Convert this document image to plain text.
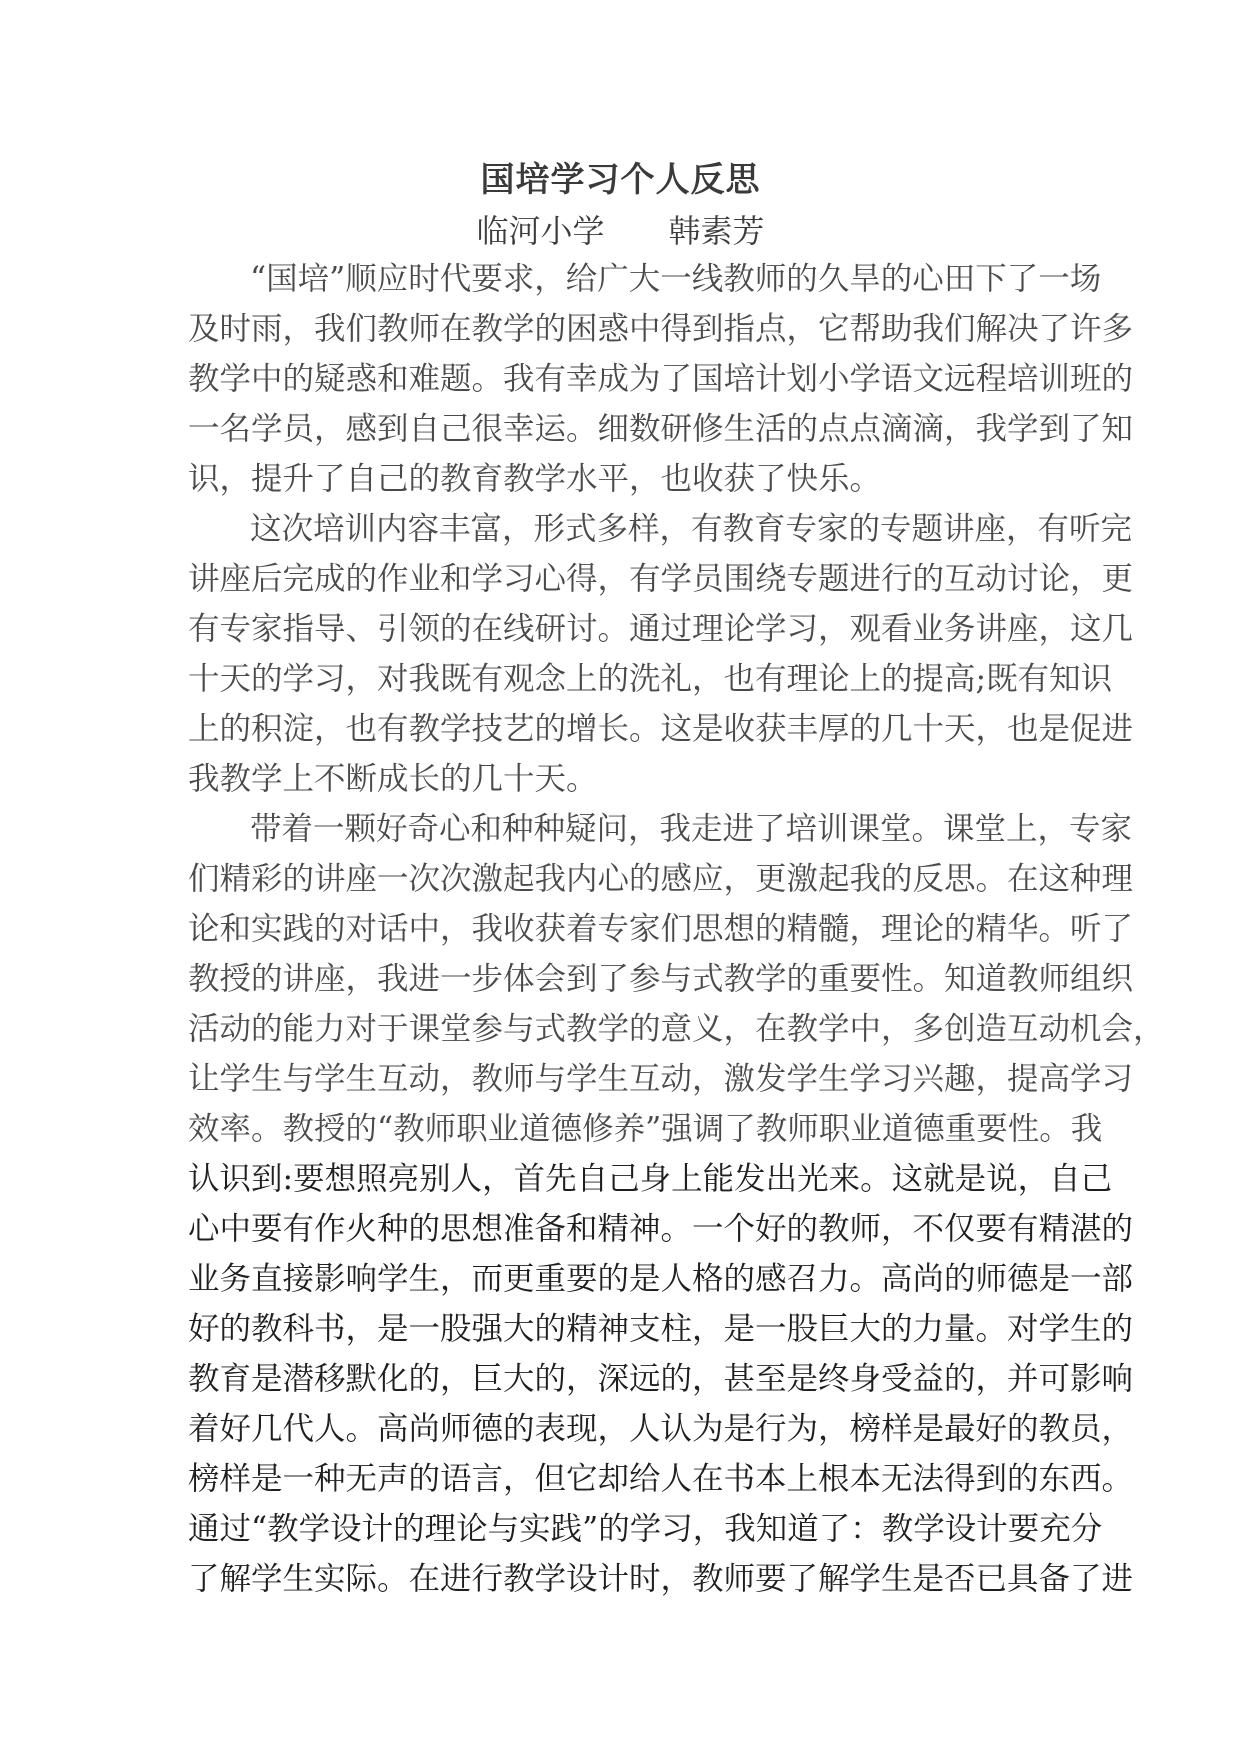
国培学习个人反思
临河小学　　韩素芳
“国培”顺应时代要求，给广大一线教师的久旱的心田下了一场
及时雨，我们教师在教学的困惑中得到指点，它帮助我们解决了许多
教学中的疑惑和难题。我有幸成为了国培计划小学语文远程培训班的
一名学员，感到自己很幸运。细数研修生活的点点滴滴，我学到了知
识，提升了自己的教育教学水平，也收获了快乐。
这次培训内容丰富，形式多样，有教育专家的专题讲座，有听完
讲座后完成的作业和学习心得，有学员围绕专题进行的互动讨论，更
有专家指导、引领的在线研讨。通过理论学习，观看业务讲座，这几
十天的学习，对我既有观念上的洗礼，也有理论上的提高;既有知识
上的积淀，也有教学技艺的增长。这是收获丰厚的几十天，也是促进
我教学上不断成长的几十天。
带着一颗好奇心和种种疑问，我走进了培训课堂。课堂上，专家
们精彩的讲座一次次激起我内心的感应，更激起我的反思。在这种理
论和实践的对话中，我收获着专家们思想的精髓，理论的精华。听了
教授的讲座，我进一步体会到了参与式教学的重要性。知道教师组织
活动的能力对于课堂参与式教学的意义，在教学中，多创造互动机会，
让学生与学生互动，教师与学生互动，激发学生学习兴趣，提高学习
效率。教授的“教师职业道德修养”强调了教师职业道德重要性。我
认识到:要想照亮别人，首先自己身上能发出光来。这就是说，自己
心中要有作火种的思想准备和精神。一个好的教师，不仅要有精湛的
业务直接影响学生，而更重要的是人格的感召力。高尚的师德是一部
好的教科书，是一股强大的精神支柱，是一股巨大的力量。对学生的
教育是潜移默化的，巨大的，深远的，甚至是终身受益的，并可影响
着好几代人。高尚师德的表现，人认为是行为，榜样是最好的教员，
榜样是一种无声的语言，但它却给人在书本上根本无法得到的东西。
通过“教学设计的理论与实践”的学习，我知道了：教学设计要充分
了解学生实际。在进行教学设计时，教师要了解学生是否已具备了进
